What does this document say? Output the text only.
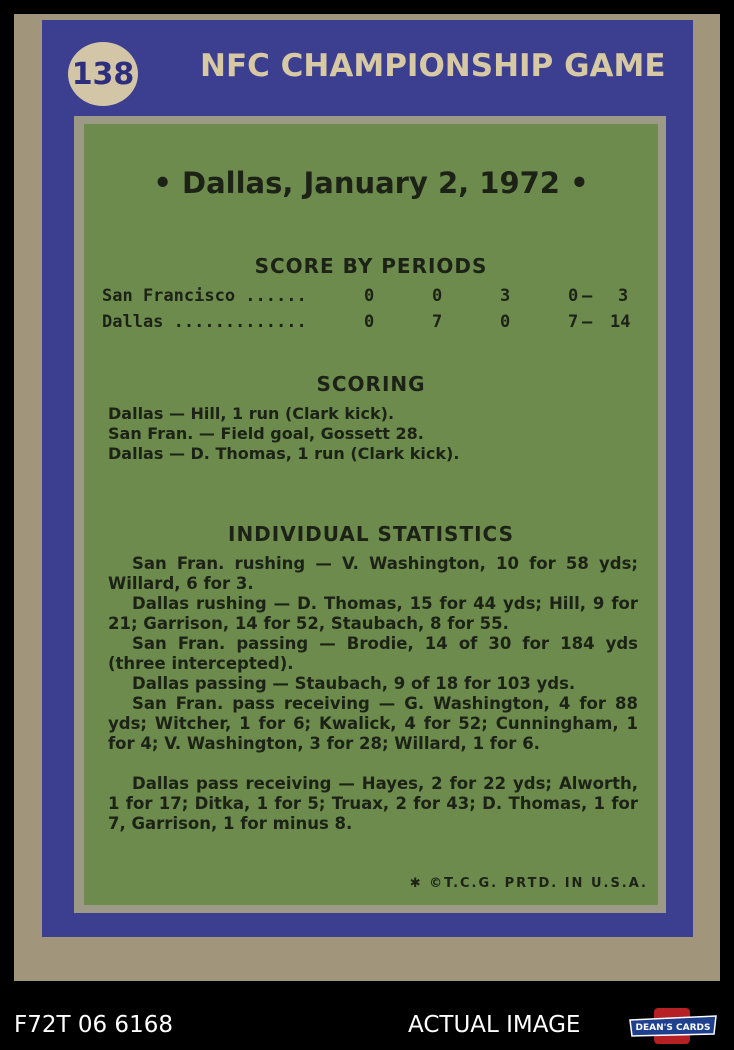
138 NFC CHAMPIONSHIP GAME
• Dallas, January 2, 1972 •
SCORE BY PERIODS
San Francisco ......	0	0	3	0 — 3
Dallas .............	0	7	0	7 — 14
SCORING
Dallas — Hill, 1 run (Clark kick).
San Fran. — Field goal, Gossett 28.
Dallas — D. Thomas, 1 run (Clark kick).
INDIVIDUAL STATISTICS
San Fran. rushing — V. Washington, 10 for 58 yds; Willard, 6 for 3.
Dallas rushing — D. Thomas, 15 for 44 yds; Hill, 9 for 21; Garrison, 14 for 52, Staubach, 8 for 55.
San Fran. passing — Brodie, 14 of 30 for 184 yds (three intercepted).
Dallas passing — Staubach, 9 of 18 for 103 yds.
San Fran. pass receiving — G. Washington, 4 for 88 yds; Witcher, 1 for 6; Kwalick, 4 for 52; Cunningham, 1 for 4; V. Washington, 3 for 28; Willard, 1 for 6.
Dallas pass receiving — Hayes, 2 for 22 yds; Alworth, 1 for 17; Ditka, 1 for 5; Truax, 2 for 43; D. Thomas, 1 for 7, Garrison, 1 for minus 8.
✱ ©T.C.G. PRTD. IN U.S.A.
F72T 06 6168	ACTUAL IMAGE	DEAN'S CARDS
